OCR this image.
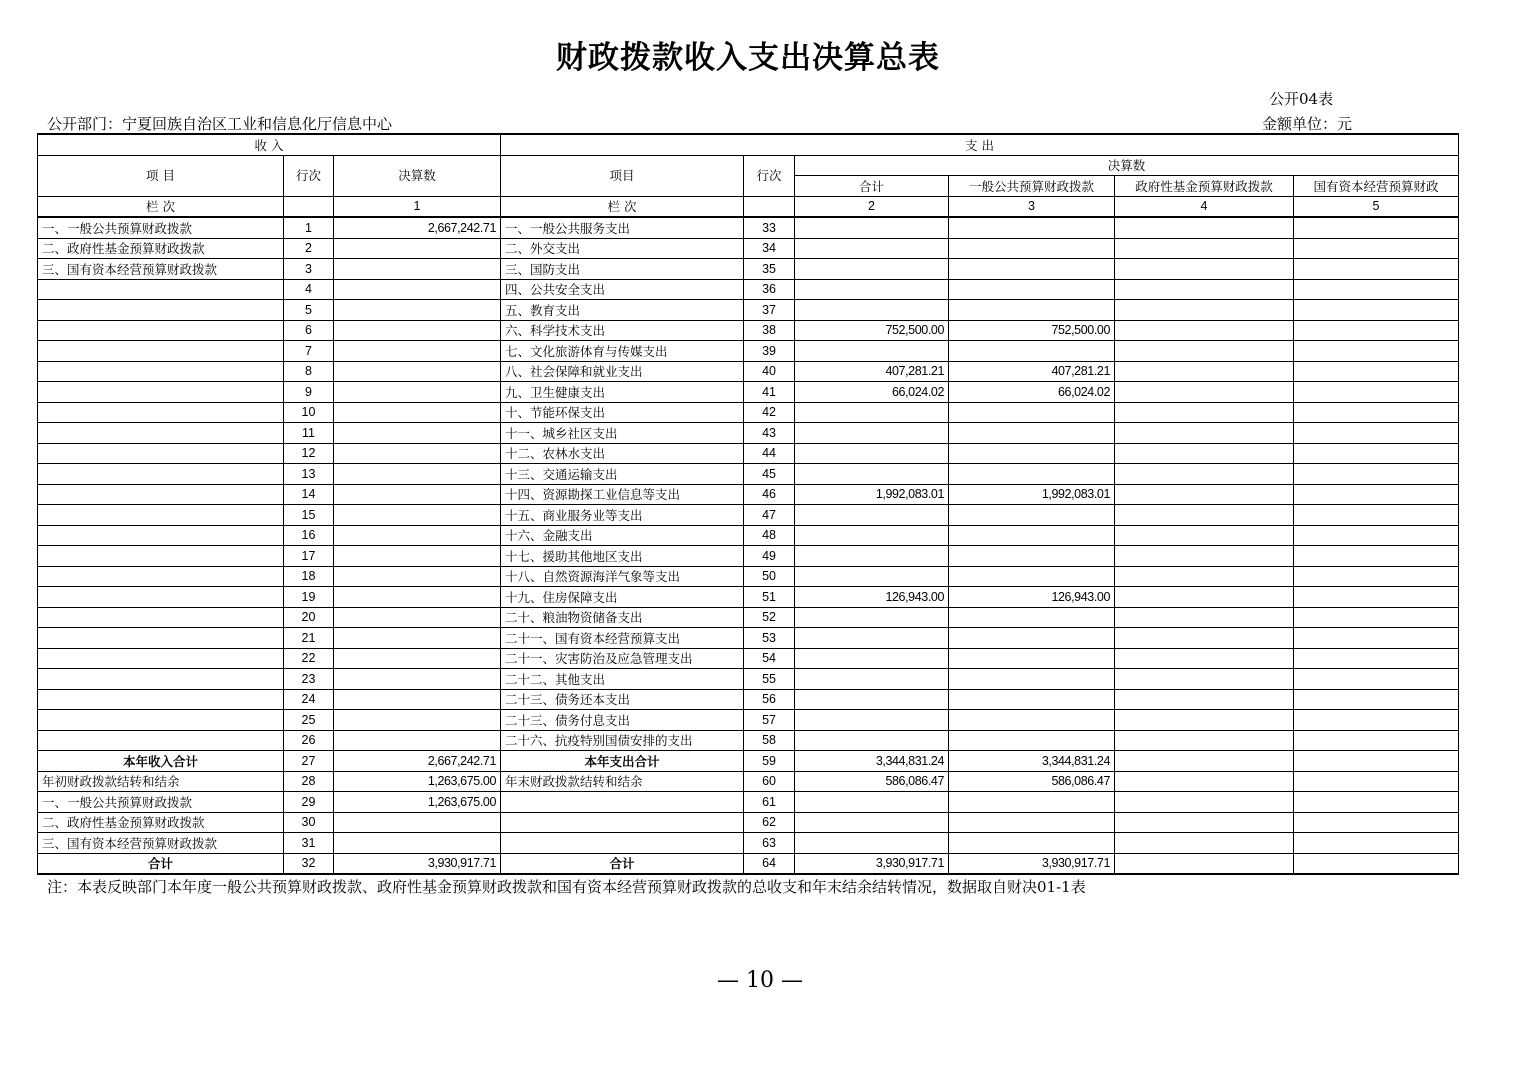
财政拨款收入支出决算总表
公开04表
公开部门：宁夏回族自治区工业和信息化厅信息中心	金额单位：元
收 入			支 出					
项 目	行次	决算数	项目	行次	决算数			
					合计	一般公共预算财政拨款	政府性基金预算财政拨款	国有资本经营预算财政
栏 次		1	栏 次		2	3	4	5
一、一般公共预算财政拨款	1	2,667,242.71	一、一般公共服务支出	33				
二、政府性基金预算财政拨款	2		二、外交支出	34				
三、国有资本经营预算财政拨款	3		三、国防支出	35				
	4		四、公共安全支出	36				
	5		五、教育支出	37				
	6		六、科学技术支出	38	752,500.00	752,500.00		
	7		七、文化旅游体育与传媒支出	39				
	8		八、社会保障和就业支出	40	407,281.21	407,281.21		
	9		九、卫生健康支出	41	66,024.02	66,024.02		
	10		十、节能环保支出	42				
	11		十一、城乡社区支出	43				
	12		十二、农林水支出	44				
	13		十三、交通运输支出	45				
	14		十四、资源勘探工业信息等支出	46	1,992,083.01	1,992,083.01		
	15		十五、商业服务业等支出	47				
	16		十六、金融支出	48				
	17		十七、援助其他地区支出	49				
	18		十八、自然资源海洋气象等支出	50				
	19		十九、住房保障支出	51	126,943.00	126,943.00		
	20		二十、粮油物资储备支出	52				
	21		二十一、国有资本经营预算支出	53				
	22		二十一、灾害防治及应急管理支出	54				
	23		二十二、其他支出	55				
	24		二十三、债务还本支出	56				
	25		二十三、债务付息支出	57				
	26		二十六、抗疫特别国债安排的支出	58				
本年收入合计	27	2,667,242.71	本年支出合计	59	3,344,831.24	3,344,831.24		
年初财政拨款结转和结余	28	1,263,675.00	年末财政拨款结转和结余	60	586,086.47	586,086.47		
一、一般公共预算财政拨款	29	1,263,675.00		61				
二、政府性基金预算财政拨款	30			62				
三、国有资本经营预算财政拨款	31			63				
合计	32	3,930,917.71	合计	64	3,930,917.71	3,930,917.71		
注：本表反映部门本年度一般公共预算财政拨款、政府性基金预算财政拨款和国有资本经营预算财政拨款的总收支和年末结余结转情况，数据取自财决01-1表
— 10 —
